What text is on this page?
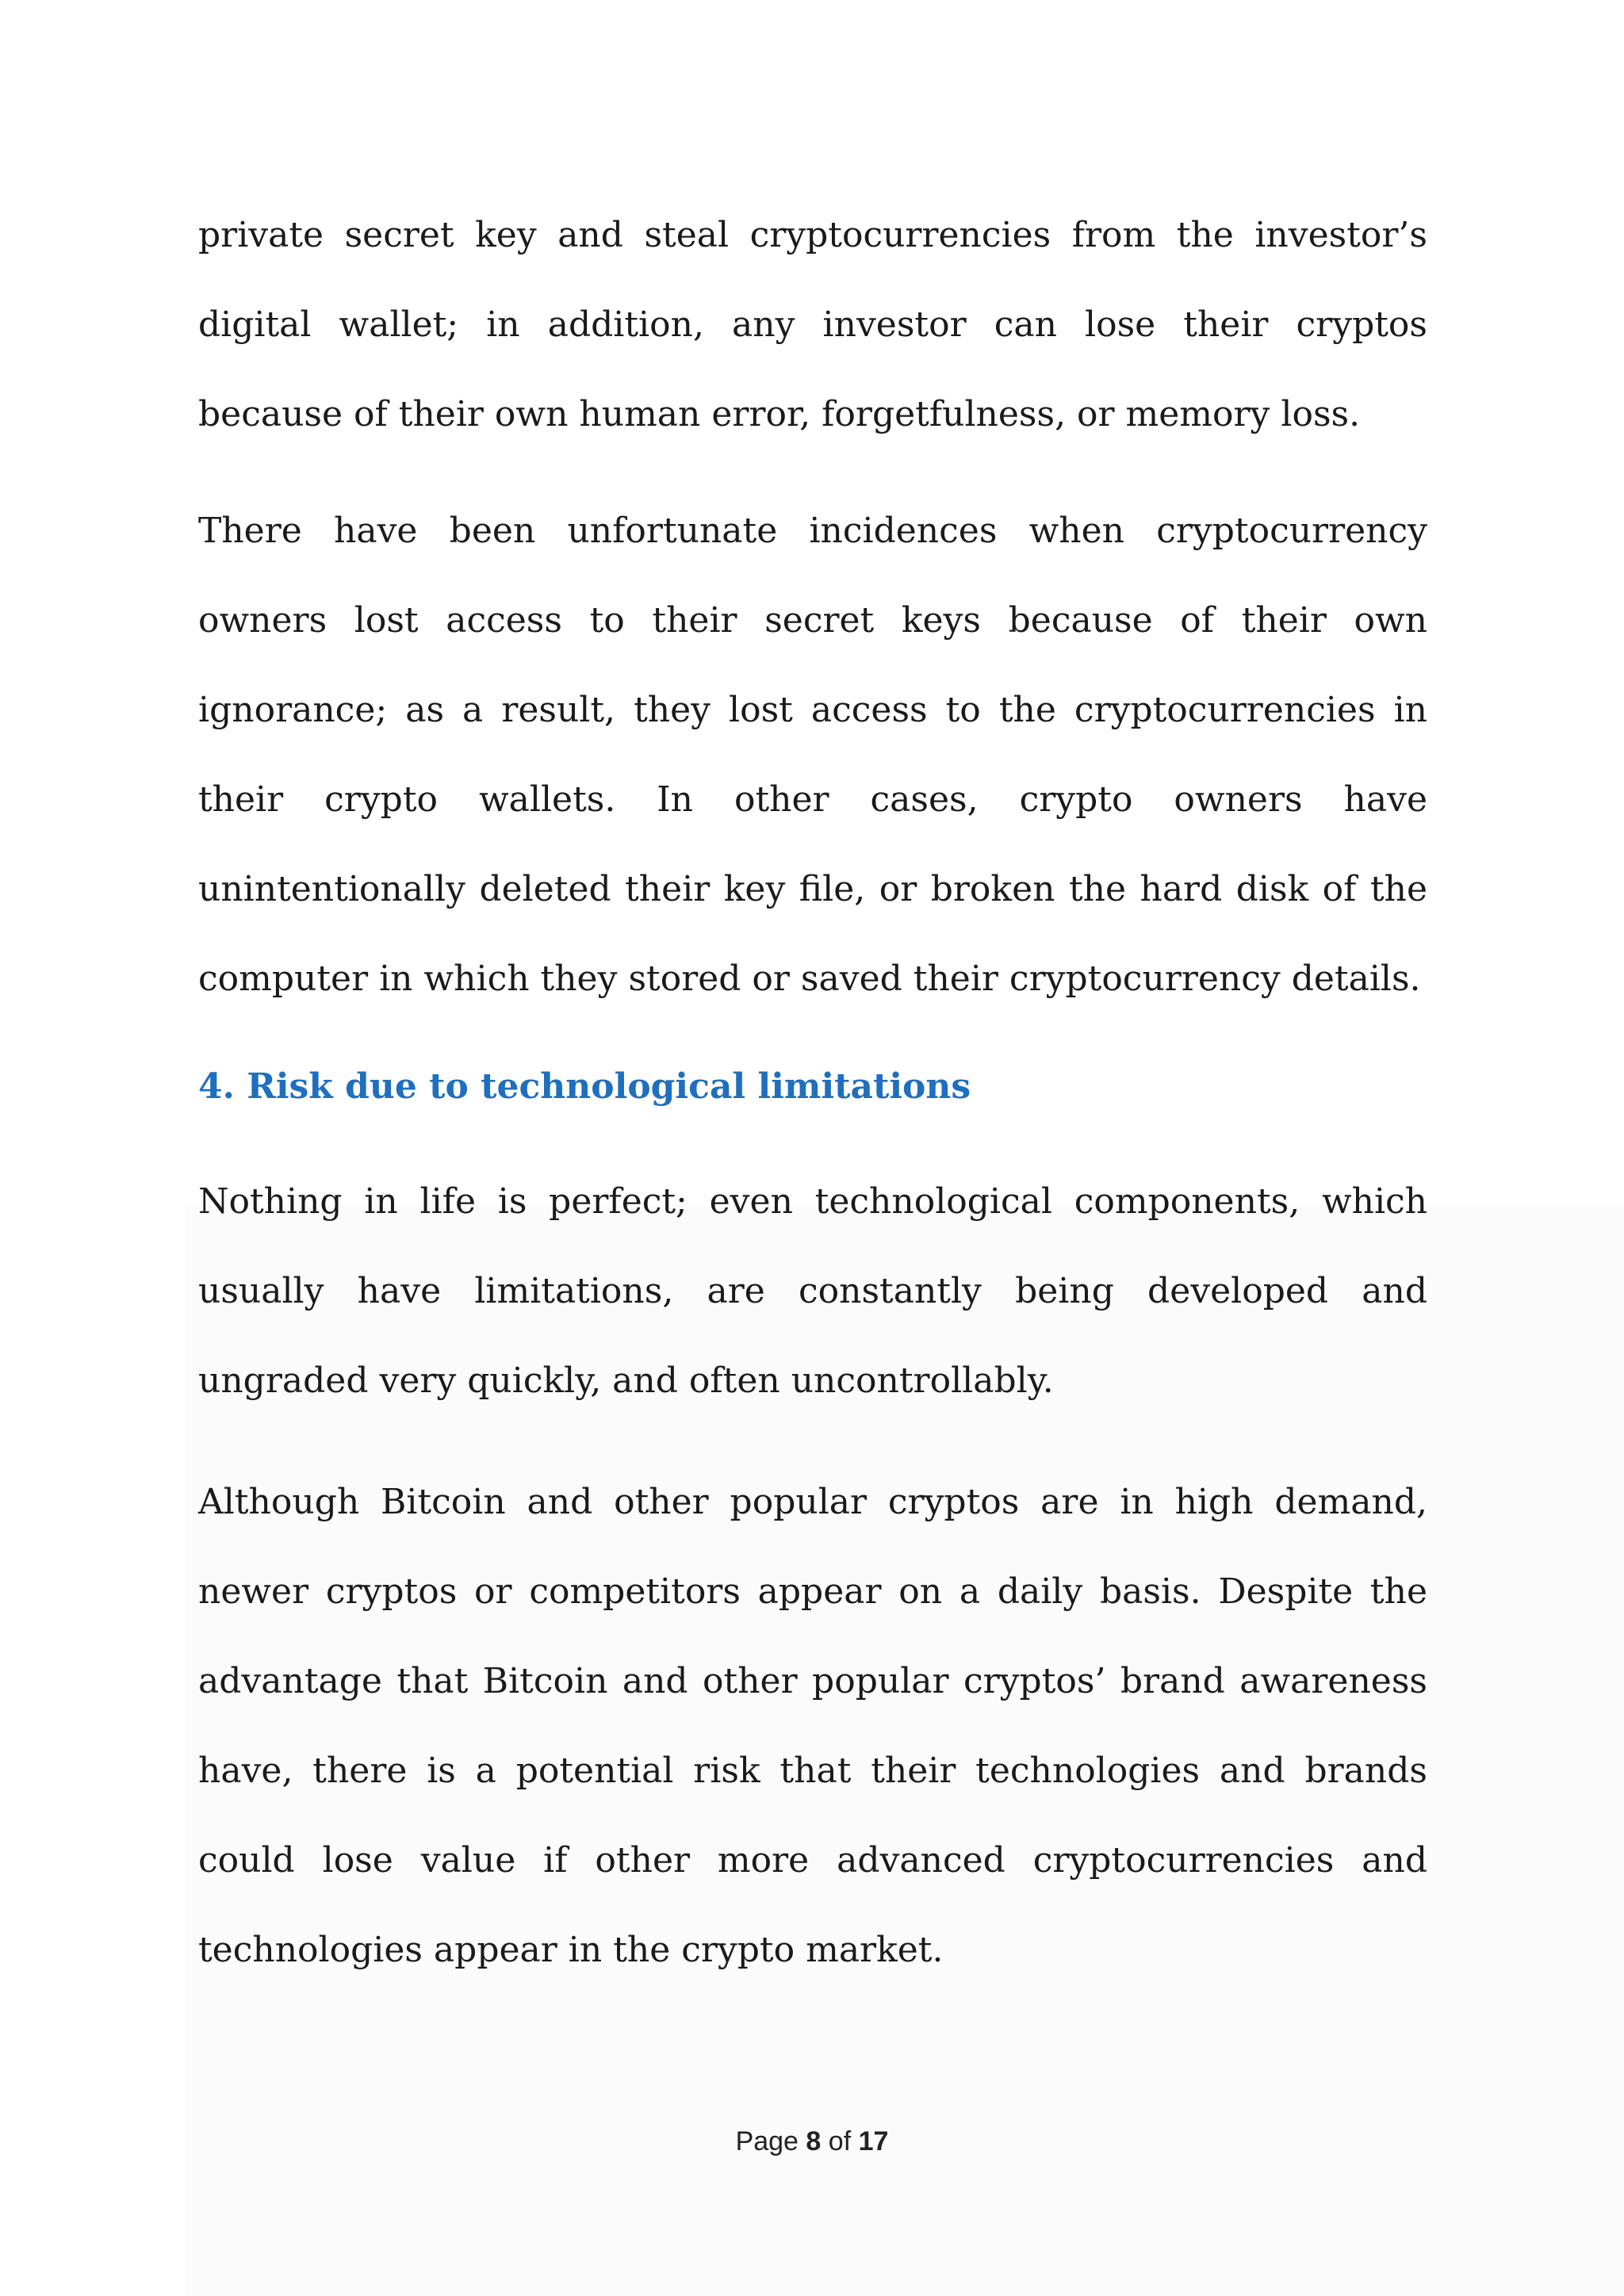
private secret key and steal cryptocurrencies from the investor’s digital wallet; in addition, any investor can lose their cryptos because of their own human error, forgetfulness, or memory loss.

There have been unfortunate incidences when cryptocurrency owners lost access to their secret keys because of their own ignorance; as a result, they lost access to the cryptocurrencies in their crypto wallets. In other cases, crypto owners have unintentionally deleted their key file, or broken the hard disk of the computer in which they stored or saved their cryptocurrency details.

4. Risk due to technological limitations

Nothing in life is perfect; even technological components, which usually have limitations, are constantly being developed and ungraded very quickly, and often uncontrollably.

Although Bitcoin and other popular cryptos are in high demand, newer cryptos or competitors appear on a daily basis. Despite the advantage that Bitcoin and other popular cryptos’ brand awareness have, there is a potential risk that their technologies and brands could lose value if other more advanced cryptocurrencies and technologies appear in the crypto market.

Page 8 of 17
